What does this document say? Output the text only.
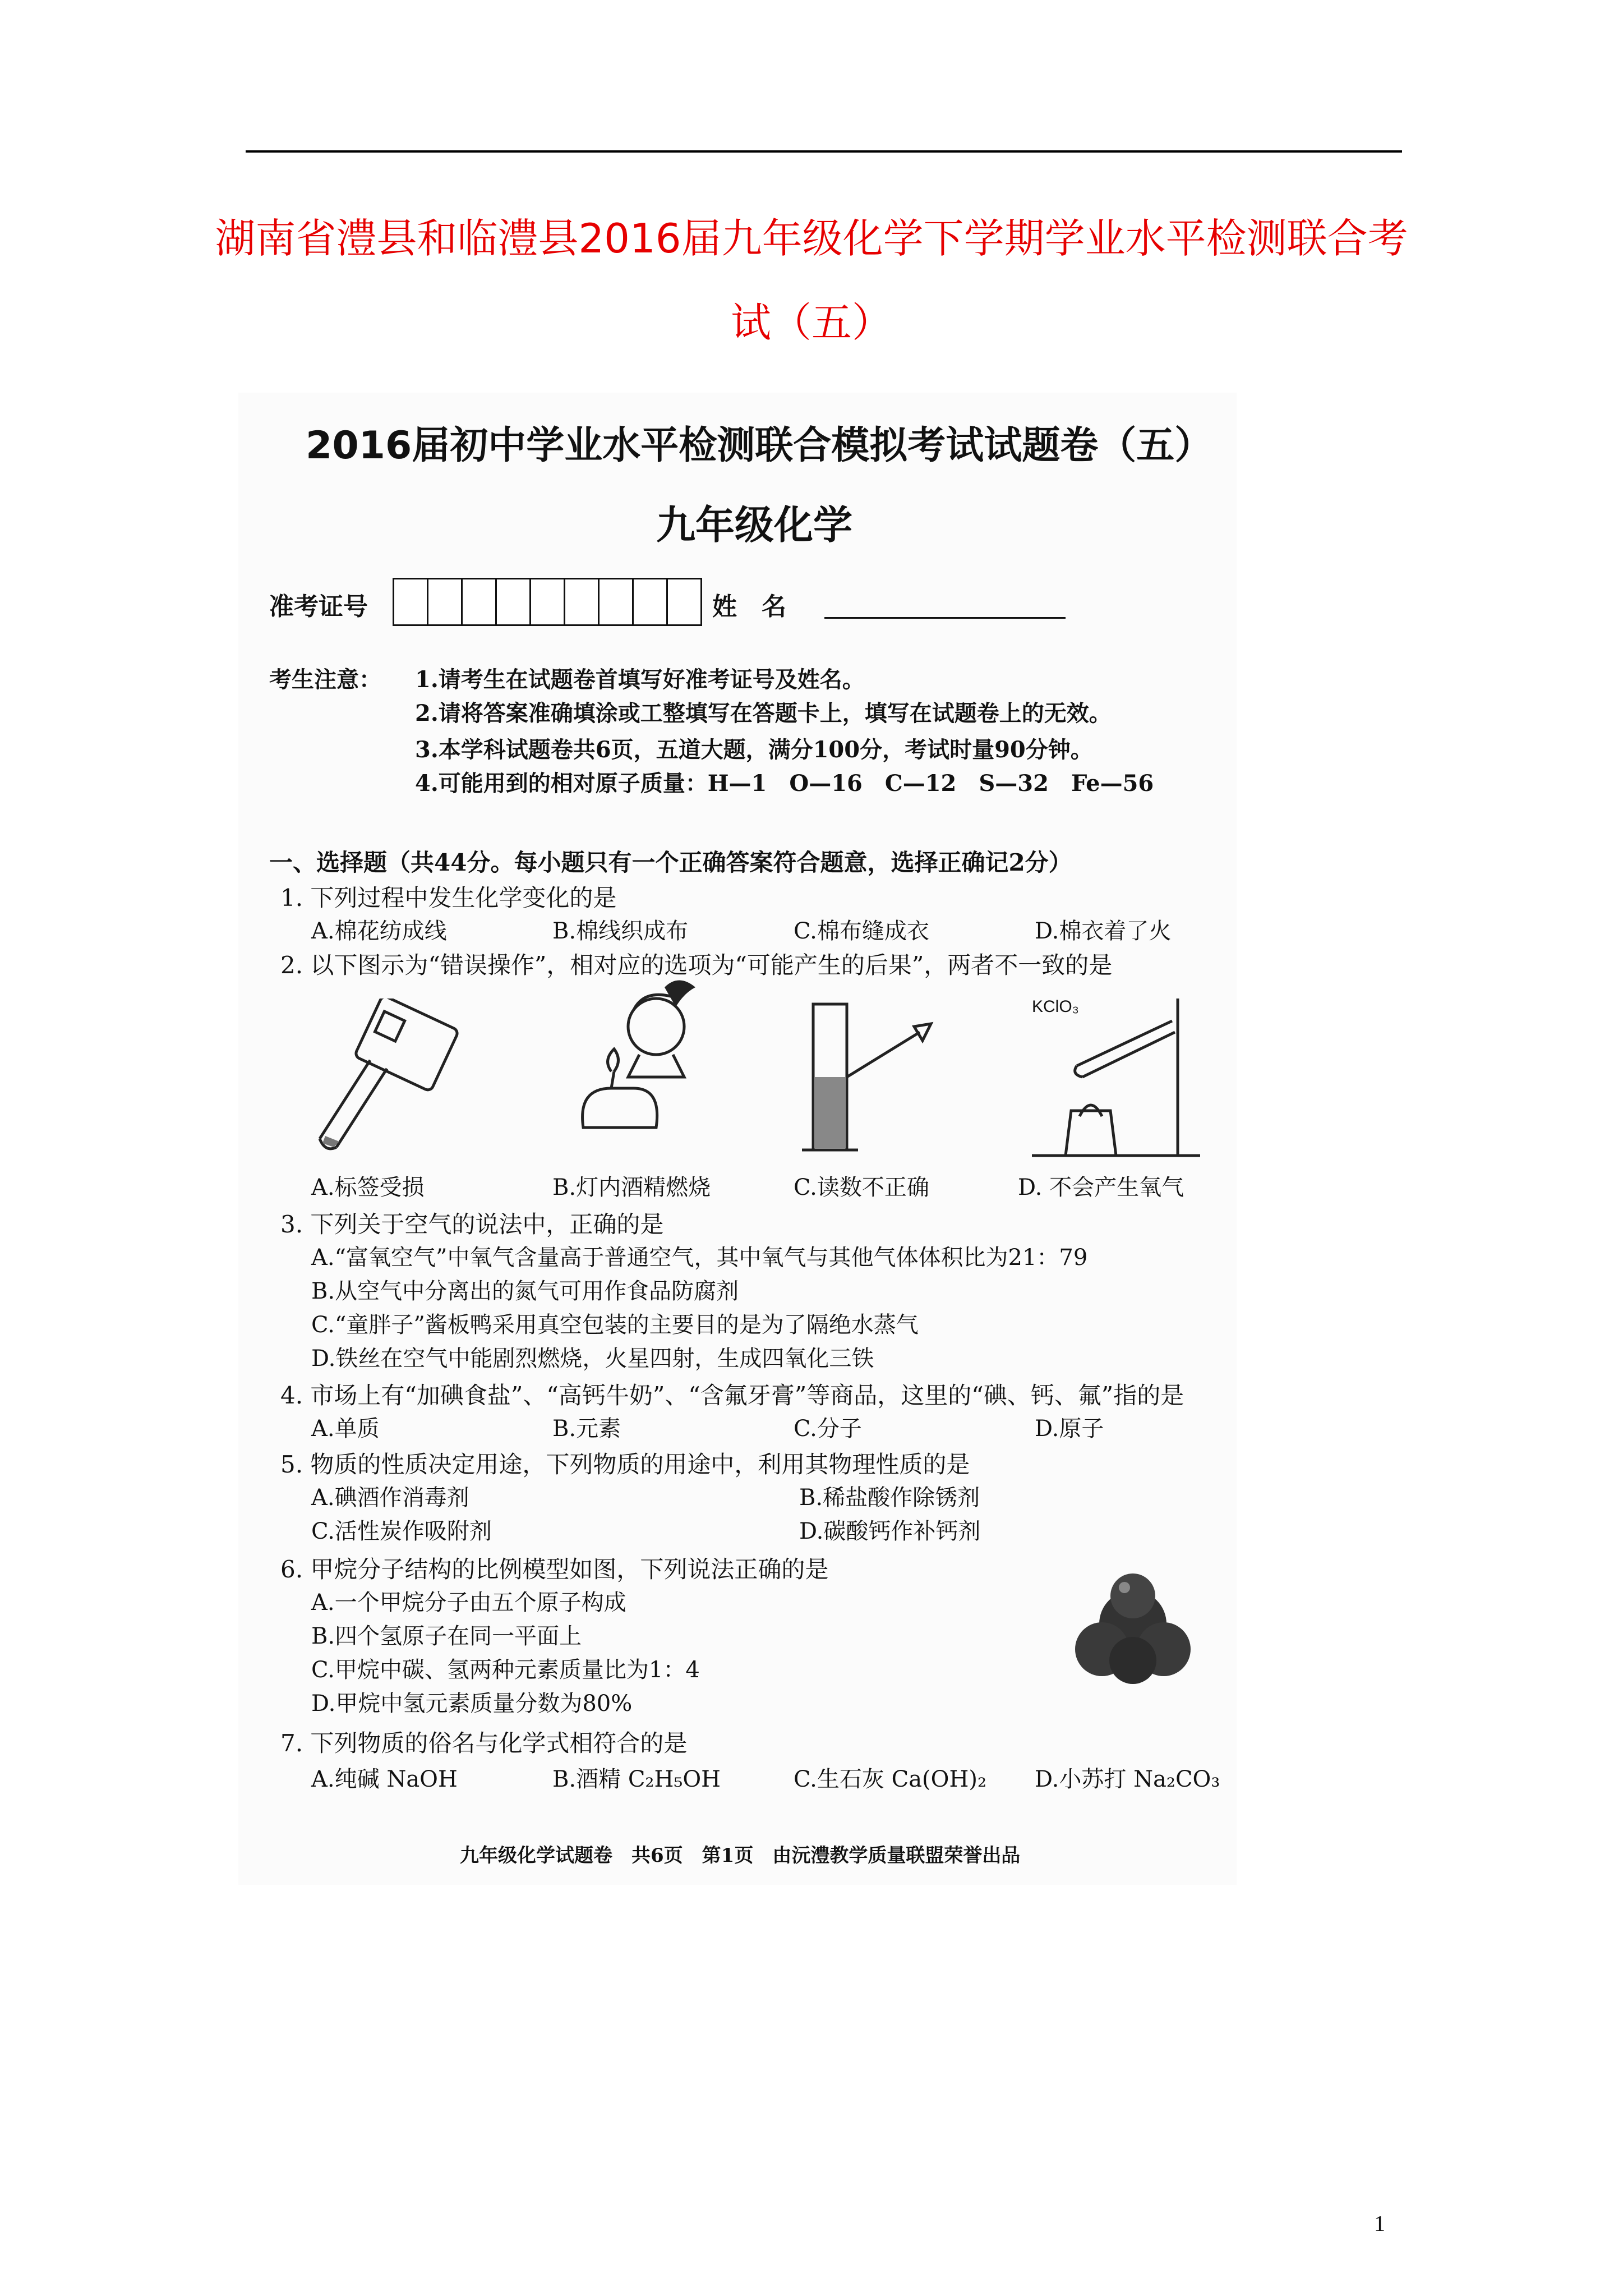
湖南省澧县和临澧县2016届九年级化学下学期学业水平检测联合考
试（五）
2016届初中学业水平检测联合模拟考试试题卷（五）
九年级化学
准考证号	姓　名
考生注意： 1.请考生在试题卷首填写好准考证号及姓名。
2.请将答案准确填涂或工整填写在答题卡上，填写在试题卷上的无效。
3.本学科试题卷共6页，五道大题，满分100分，考试时量90分钟。
4.可能用到的相对原子质量：H—1　O—16　C—12　S—32　Fe—56
一、选择题（共44分。每小题只有一个正确答案符合题意，选择正确记2分）
1. 下列过程中发生化学变化的是
A.棉花纺成线	B.棉线织成布	C.棉布缝成衣	D.棉衣着了火
2. 以下图示为“错误操作”，相对应的选项为“可能产生的后果”，两者不一致的是
KClO₃
A.标签受损	B.灯内酒精燃烧	C.读数不正确	D. 不会产生氧气
3. 下列关于空气的说法中，正确的是
A.“富氧空气”中氧气含量高于普通空气，其中氧气与其他气体体积比为21：79
B.从空气中分离出的氮气可用作食品防腐剂
C.“童胖子”酱板鸭采用真空包装的主要目的是为了隔绝水蒸气
D.铁丝在空气中能剧烈燃烧，火星四射，生成四氧化三铁
4. 市场上有“加碘食盐”、“高钙牛奶”、“含氟牙膏”等商品，这里的“碘、钙、氟”指的是
A.单质	B.元素	C.分子	D.原子
5. 物质的性质决定用途，下列物质的用途中，利用其物理性质的是
A.碘酒作消毒剂	B.稀盐酸作除锈剂
C.活性炭作吸附剂	D.碳酸钙作补钙剂
6. 甲烷分子结构的比例模型如图，下列说法正确的是
A.一个甲烷分子由五个原子构成
B.四个氢原子在同一平面上
C.甲烷中碳、氢两种元素质量比为1：4
D.甲烷中氢元素质量分数为80%
7. 下列物质的俗名与化学式相符合的是
A.纯碱 NaOH	B.酒精 C₂H₅OH	C.生石灰 Ca(OH)₂ D.小苏打 Na₂CO₃
九年级化学试题卷　共6页　第1页　由沅澧教学质量联盟荣誉出品
1
